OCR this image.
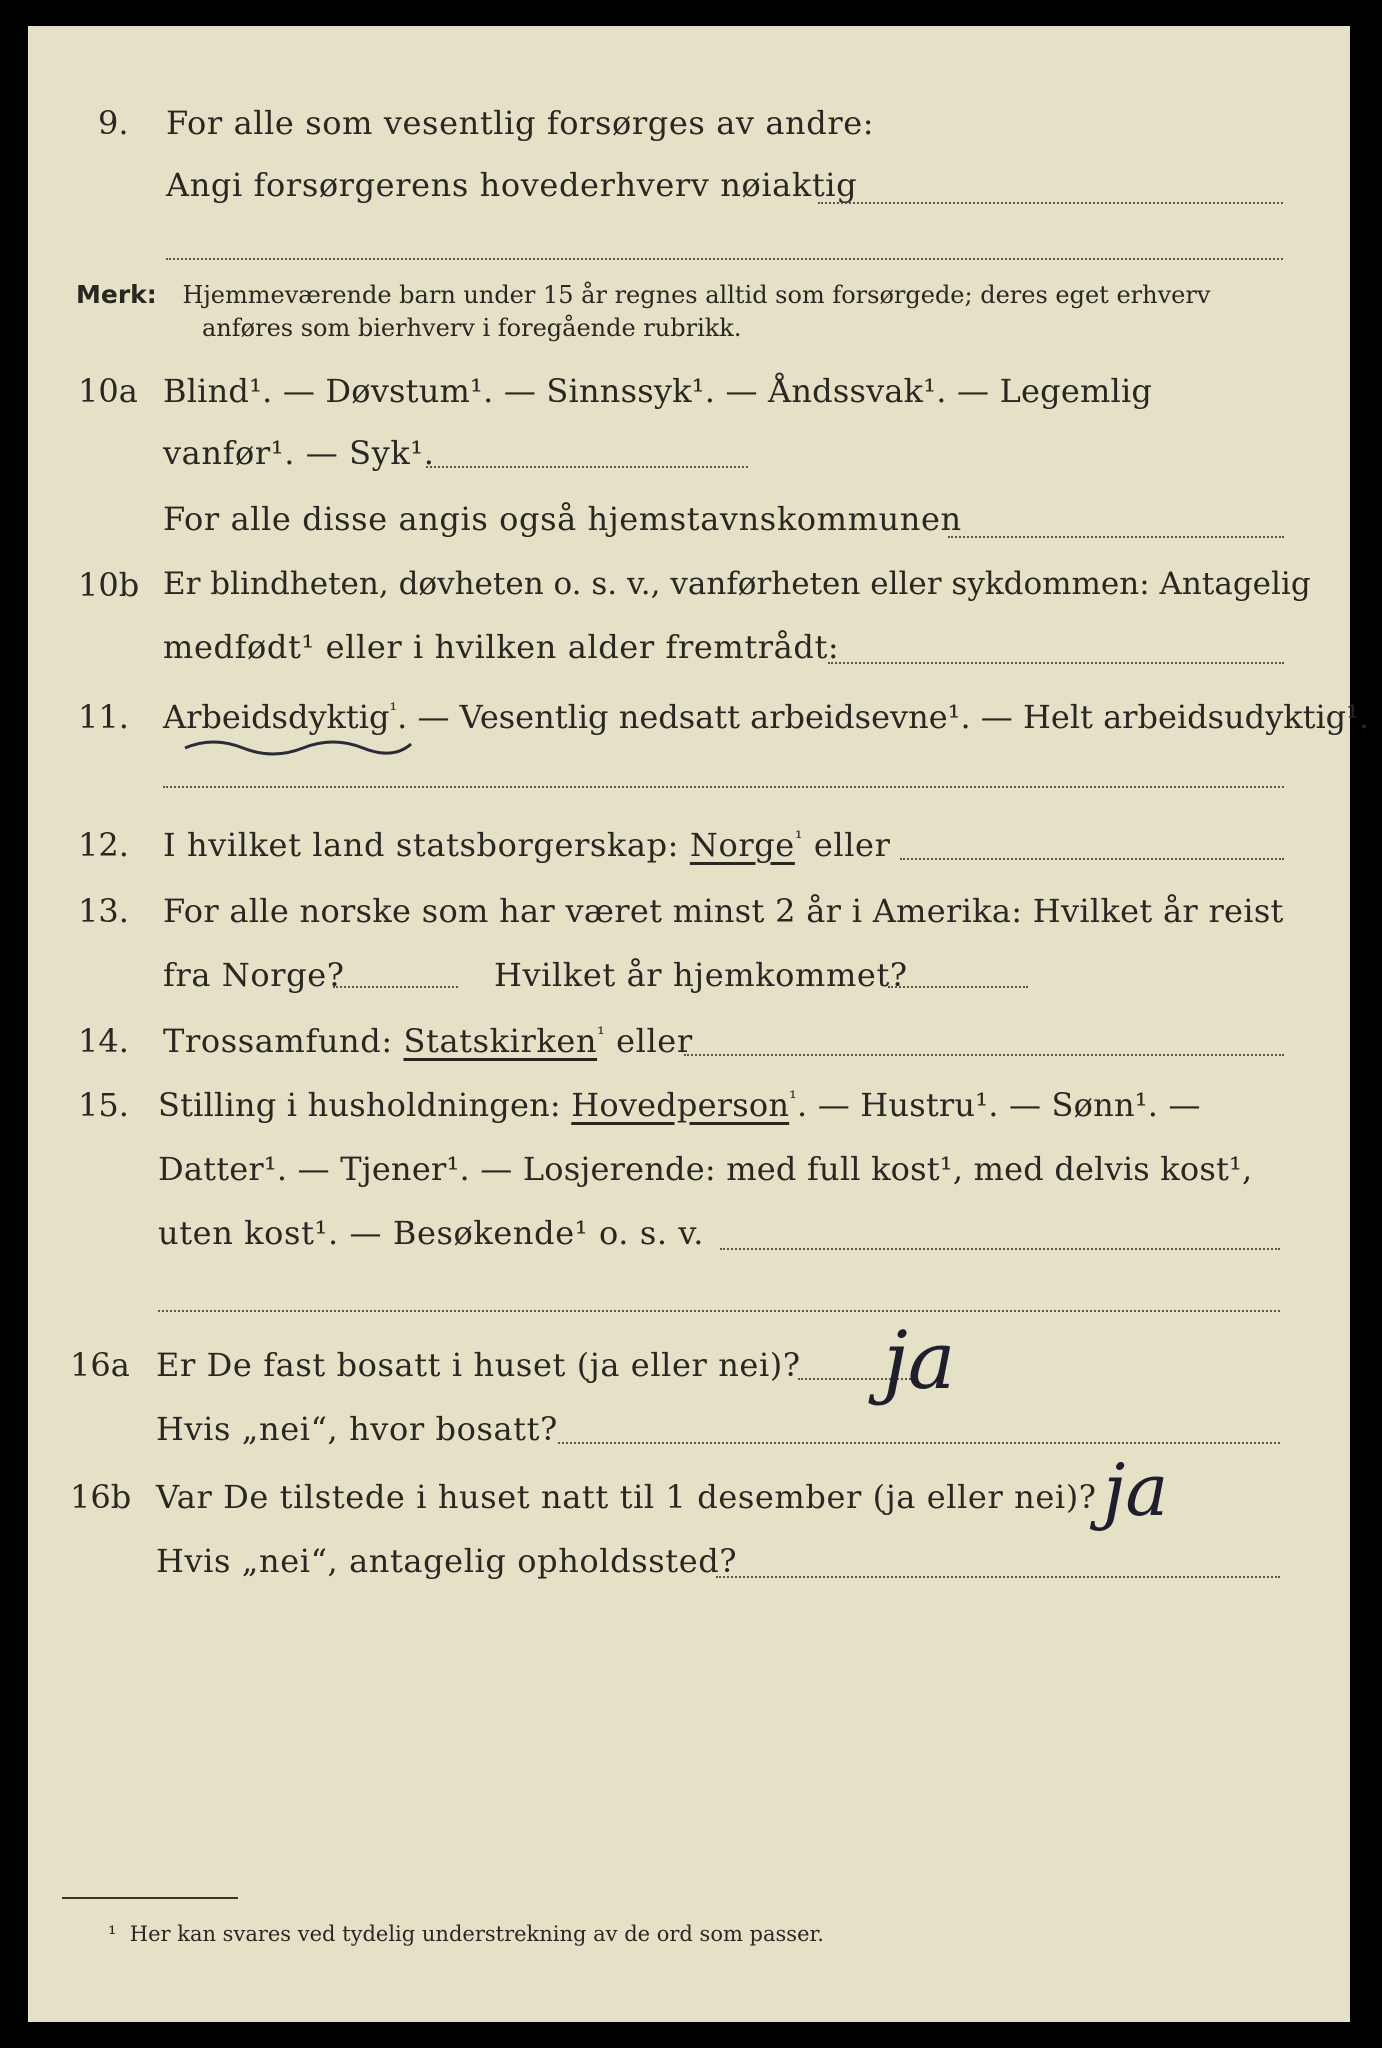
9. For alle som vesentlig forsørges av andre:
Angi forsørgerens hovederhverv nøiaktig
Merk: Hjemmeværende barn under 15 år regnes alltid som forsørgede; deres eget erhverv
anføres som bierhverv i foregående rubrikk.
10a Blind¹. — Døvstum¹. — Sinnssyk¹. — Åndssvak¹. — Legemlig
vanfør¹. — Syk¹.
For alle disse angis også hjemstavnskommunen
10b Er blindheten, døvheten o. s. v., vanførheten eller sykdommen: Antagelig
medfødt¹ eller i hvilken alder fremtrådt:
11. Arbeidsdyktig$^{^1}$. — Vesentlig nedsatt arbeidsevne¹. — Helt arbeidsudyktig¹.
12. I hvilket land statsborgerskap: Norge$^{^1}$ eller
13. For alle norske som har været minst 2 år i Amerika: Hvilket år reist
fra Norge?	Hvilket år hjemkommet?
14. Trossamfund: Statskirken$^{^1}$ eller
15. Stilling i husholdningen: Hovedperson$^{^1}$. — Hustru¹. — Sønn¹. —
Datter¹. — Tjener¹. — Losjerende: med full kost¹, med delvis kost¹,
uten kost¹. — Besøkende¹ o. s. v.
16a Er De fast bosatt i huset (ja eller nei)? ja
Hvis „nei“, hvor bosatt?
16b Var De tilstede i huset natt til 1 desember (ja eller nei)? ja
Hvis „nei“, antagelig opholdssted?
¹ Her kan svares ved tydelig understrekning av de ord som passer.
